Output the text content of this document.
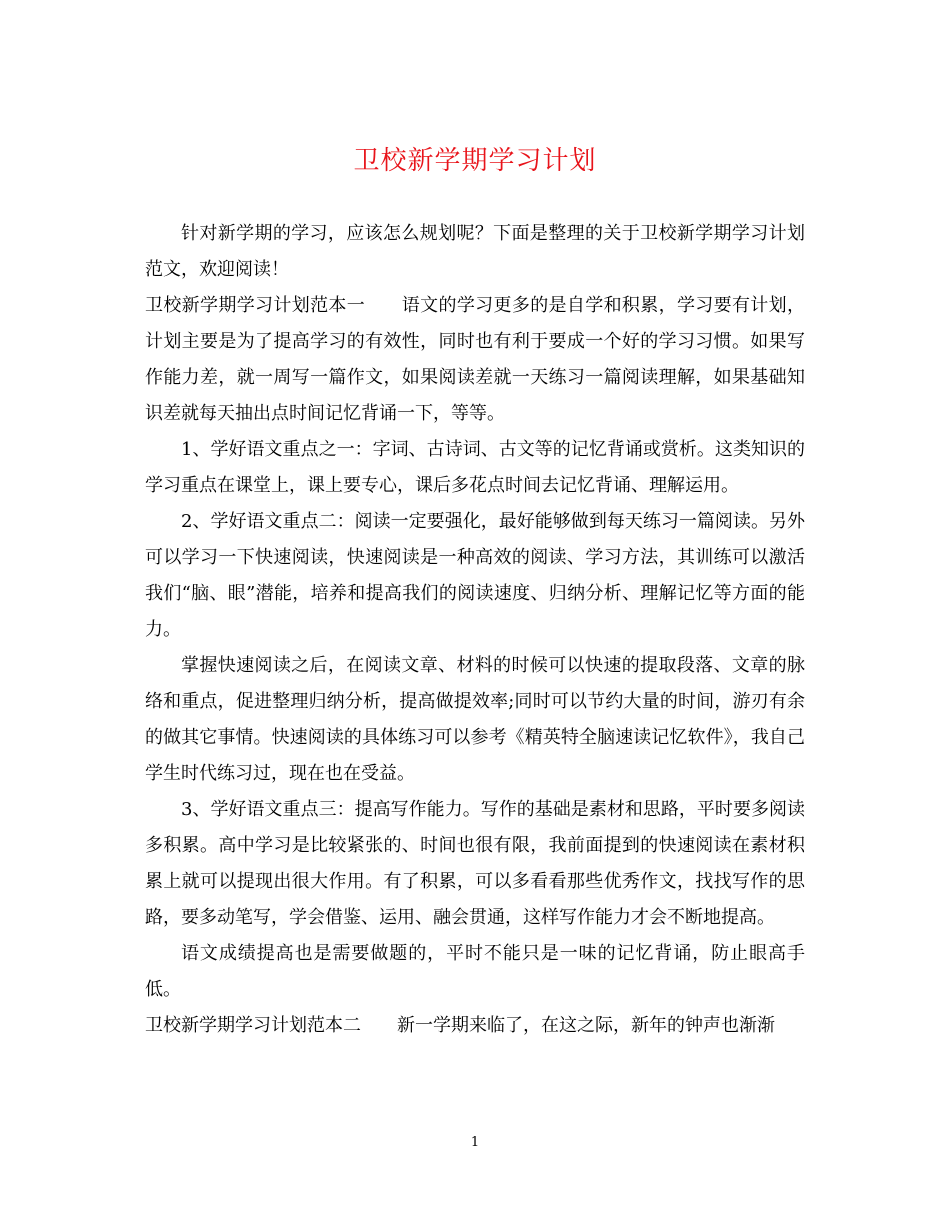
卫校新学期学习计划

针对新学期的学习，应该怎么规划呢？下面是整理的关于卫校新学期学习计划范文，欢迎阅读！

卫校新学期学习计划范本一　　语文的学习更多的是自学和积累，学习要有计划，计划主要是为了提高学习的有效性，同时也有利于要成一个好的学习习惯。如果写作能力差，就一周写一篇作文，如果阅读差就一天练习一篇阅读理解，如果基础知识差就每天抽出点时间记忆背诵一下，等等。

1、学好语文重点之一：字词、古诗词、古文等的记忆背诵或赏析。这类知识的学习重点在课堂上，课上要专心，课后多花点时间去记忆背诵、理解运用。

2、学好语文重点二：阅读一定要强化，最好能够做到每天练习一篇阅读。另外可以学习一下快速阅读，快速阅读是一种高效的阅读、学习方法，其训练可以激活我们“脑、眼”潜能，培养和提高我们的阅读速度、归纳分析、理解记忆等方面的能力。

掌握快速阅读之后，在阅读文章、材料的时候可以快速的提取段落、文章的脉络和重点，促进整理归纳分析，提高做提效率;同时可以节约大量的时间，游刃有余的做其它事情。快速阅读的具体练习可以参考《精英特全脑速读记忆软件》，我自己学生时代练习过，现在也在受益。

3、学好语文重点三：提高写作能力。写作的基础是素材和思路，平时要多阅读多积累。高中学习是比较紧张的、时间也很有限，我前面提到的快速阅读在素材积累上就可以提现出很大作用。有了积累，可以多看看那些优秀作文，找找写作的思路，要多动笔写，学会借鉴、运用、融会贯通，这样写作能力才会不断地提高。

语文成绩提高也是需要做题的，平时不能只是一味的记忆背诵，防止眼高手低。

卫校新学期学习计划范本二　　新一学期来临了，在这之际，新年的钟声也渐渐

1
